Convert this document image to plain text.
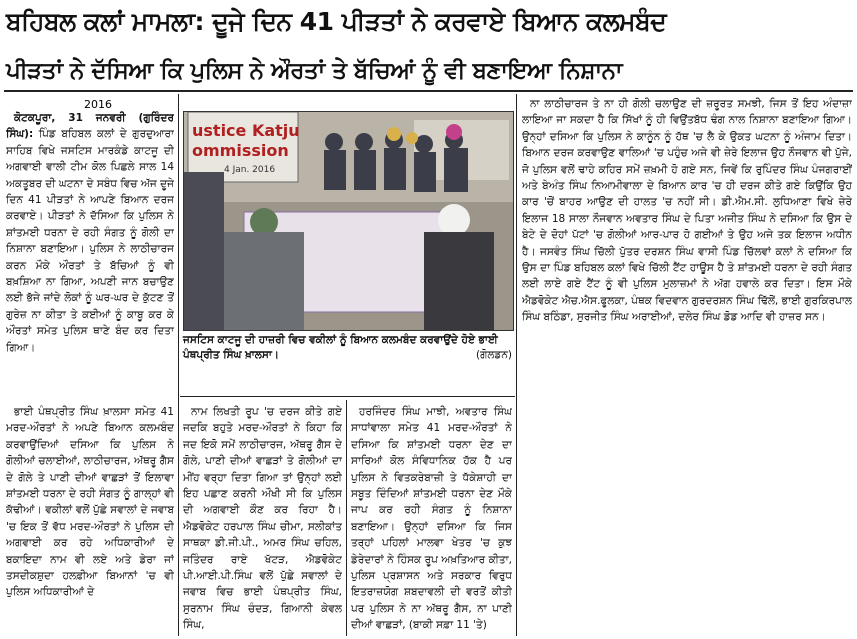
ਬਹਿਬਲ ਕਲਾਂ ਮਾਮਲਾ: ਦੂਜੇ ਦਿਨ 41 ਪੀੜਤਾਂ ਨੇ ਕਰਵਾਏ ਬਿਆਨ ਕਲਮਬੰਦ
ਪੀੜਤਾਂ ਨੇ ਦੱਸਿਆ ਕਿ ਪੁਲਿਸ ਨੇ ਔਰਤਾਂ ਤੇ ਬੱਚਿਆਂ ਨੂੰ ਵੀ ਬਣਾਇਆ ਨਿਸ਼ਾਨਾ
2016

ਕੋਟਕਪੂਰਾ, 31 ਜਨਵਰੀ (ਗੁਰਿੰਦਰ ਸਿੰਘ): ਪਿੰਡ ਬਹਿਬਲ ਕਲਾਂ ਦੇ ਗੁਰਦੁਆਰਾ ਸਾਹਿਬ ਵਿਖੇ ਜਸਟਿਸ ਮਾਰਕੰਡੇ ਕਾਟਜੂ ਦੀ ਅਗਵਾਈ ਵਾਲੀ ਟੀਮ ਕੋਲ ਪਿਛਲੇ ਸਾਲ 14 ਅਕਤੂਬਰ ਦੀ ਘਟਨਾ ਦੇ ਸਬੰਧ ਵਿਚ ਅੱਜ ਦੂਜੇ ਦਿਨ 41 ਪੀੜਤਾਂ ਨੇ ਆਪਣੇ ਬਿਆਨ ਦਰਜ ਕਰਵਾਏ। ਪੀੜਤਾਂ ਨੇ ਦੱਸਿਆ ਕਿ ਪੁਲਿਸ ਨੇ ਸ਼ਾਂਤਮਈ ਧਰਨਾ ਦੇ ਰਹੀ ਸੰਗਤ ਨੂੰ ਗੋਲੀ ਦਾ ਨਿਸ਼ਾਨਾ ਬਣਾਇਆ। ਪੁਲਿਸ ਨੇ ਲਾਠੀਚਾਰਜ ਕਰਨ ਮੌਕੇ ਔਰਤਾਂ ਤੇ ਬੱਚਿਆਂ ਨੂੰ ਵੀ ਬਖ਼ਸ਼ਿਆ ਨਾ ਗਿਆ, ਅਪਣੀ ਜਾਨ ਬਚਾਉਣ ਲਈ ਭੱਜੇ ਜਾਂਦੇ ਲੋਕਾਂ ਨੂੰ ਘਰ-ਘਰ ਦੇ ਕੁੱਟਣ ਤੋਂ ਗੁਰੇਜ਼ ਨਾ ਕੀਤਾ ਤੇ ਕਈਆਂ ਨੂੰ ਕਾਬੂ ਕਰ ਕੇ ਔਰਤਾਂ ਸਮੇਤ ਪੁਲਿਸ ਥਾਣੇ ਬੰਦ ਕਰ ਦਿਤਾ ਗਿਆ।

ਭਾਈ ਪੰਥਪ੍ਰੀਤ ਸਿੰਘ ਖ਼ਾਲਸਾ ਸਮੇਤ 41 ਮਰਦ-ਔਰਤਾਂ ਨੇ ਅਪਣੇ ਬਿਆਨ ਕਲਮਬੰਦ ਕਰਵਾਉਂਦਿਆਂ ਦਸਿਆ ਕਿ ਪੁਲਿਸ ਨੇ ਗੋਲੀਆਂ ਚਲਾਈਆਂ, ਲਾਠੀਚਾਰਜ, ਅੱਥਰੂ ਗੈਸ ਦੇ ਗੋਲੇ ਤੇ ਪਾਣੀ ਦੀਆਂ ਵਾਛੜਾਂ ਤੋਂ ਇਲਾਵਾ ਸ਼ਾਂਤਮਈ ਧਰਨਾ ਦੇ ਰਹੀ ਸੰਗਤ ਨੂੰ ਗਾਲ੍ਹਾਂ ਵੀ ਕੱਢੀਆਂ। ਵਕੀਲਾਂ ਵਲੋਂ ਪੁੱਛੇ ਸਵਾਲਾਂ ਦੇ ਜਵਾਬ 'ਚ ਇਕ ਤੋਂ ਵੱਧ ਮਰਦ-ਔਰਤਾਂ ਨੇ ਪੁਲਿਸ ਦੀ ਅਗਵਾਈ ਕਰ ਰਹੇ ਅਧਿਕਾਰੀਆਂ ਦੇ ਬਕਾਇਦਾ ਨਾਮ ਵੀ ਲਏ ਅਤੇ ਡੇਰਾ ਜਾਂ ਤਸਦੀਕਸ਼ੁਦਾ ਹਲਫ਼ੀਆ ਬਿਆਨਾਂ 'ਚ ਵੀ ਪੁਲਿਸ ਅਧਿਕਾਰੀਆਂ ਦੇ

ustice Katju
ommission
4 Jan. 2016
ਜਸਟਿਸ ਕਾਟਜੂ ਦੀ ਹਾਜ਼ਰੀ ਵਿਚ ਵਕੀਲਾਂ ਨੂੰ ਬਿਆਨ ਕਲਮਬੰਦ ਕਰਵਾਉਂਦੇ ਹੋਏ ਭਾਈ ਪੰਥਪ੍ਰੀਤ ਸਿੰਘ ਖ਼ਾਲਸਾ।	(ਗੋਲਡਨ)

ਨਾਮ ਲਿਖਤੀ ਰੂਪ 'ਚ ਦਰਜ ਕੀਤੇ ਗਏ ਜਦਕਿ ਬਹੁਤੇ ਮਰਦ-ਔਰਤਾਂ ਨੇ ਕਿਹਾ ਕਿ ਜਦ ਇਕੋ ਸਮੇਂ ਲਾਠੀਚਾਰਜ, ਅੱਥਰੂ ਗੈਸ ਦੇ ਗੋਲੇ, ਪਾਣੀ ਦੀਆਂ ਵਾਛੜਾਂ ਤੇ ਗੋਲੀਆਂ ਦਾ ਮੀਂਹ ਵਰ੍ਹਾ ਦਿਤਾ ਗਿਆ ਤਾਂ ਉਨ੍ਹਾਂ ਲਈ ਇਹ ਪਛਾਣ ਕਰਨੀ ਔਖੀ ਸੀ ਕਿ ਪੁਲਿਸ ਦੀ ਅਗਵਾਈ ਕੌਣ ਕਰ ਰਿਹਾ ਹੈ। ਐਡਵੋਕੇਟ ਹਰਪਾਲ ਸਿੰਘ ਚੀਮਾ, ਸਲੀਕਾਂਤ ਸਾਥਕਾ ਡੀ.ਜੀ.ਪੀ., ਅਮਰ ਸਿੰਘ ਚਹਿਲ, ਜਤਿੰਦਰ ਰਾਏ ਖੱਟੜ, ਐਡਵੋਕੇਟ ਪੀ.ਆਈ.ਪੀ.ਸਿੰਘ ਵਲੋਂ ਪੁੱਛੇ ਸਵਾਲਾਂ ਦੇ ਜਵਾਬ ਵਿਚ ਭਾਈ ਪੰਥਪ੍ਰੀਤ ਸਿੰਘ, ਸੁਰਨਾਮ ਸਿੰਘ ਚੰਦੜ, ਗਿਆਨੀ ਕੇਵਲ ਸਿੰਘ,

ਹਰਜਿੰਦਰ ਸਿੰਘ ਮਾਝੀ, ਅਵਤਾਰ ਸਿੰਘ ਸਾਧਾਂਵਾਲਾ ਸਮੇਤ 41 ਮਰਦ-ਔਰਤਾਂ ਨੇ ਦਸਿਆ ਕਿ ਸ਼ਾਂਤਮਈ ਧਰਨਾ ਦੇਣ ਦਾ ਸਾਰਿਆਂ ਕੋਲ ਸੰਵਿਧਾਨਿਕ ਹੱਕ ਹੈ ਪਰ ਪੁਲਿਸ ਨੇ ਵਿਤਕਰੇਬਾਜ਼ੀ ਤੇ ਧੱਕੇਸ਼ਾਹੀ ਦਾ ਸਬੂਤ ਦਿੰਦਿਆਂ ਸ਼ਾਂਤਮਈ ਧਰਨਾ ਦੇਣ ਮੌਕੇ ਜਾਪ ਕਰ ਰਹੀ ਸੰਗਤ ਨੂੰ ਨਿਸ਼ਾਨਾ ਬਣਾਇਆ। ਉਨ੍ਹਾਂ ਦਸਿਆ ਕਿ ਜਿਸ ਤਰ੍ਹਾਂ ਪਹਿਲਾਂ ਮਾਲਵਾ ਖੇਤਰ 'ਚ ਕੁਝ ਡੇਰੇਦਾਰਾਂ ਨੇ ਹਿੰਸਕ ਰੂਪ ਅਖ਼ਤਿਆਰ ਕੀਤਾ, ਪੁਲਿਸ ਪ੍ਰਸ਼ਾਸਨ ਅਤੇ ਸਰਕਾਰ ਵਿਰੁਧ ਇਤਰਾਜ਼ਯੋਗ ਸ਼ਬਦਾਵਲੀ ਦੀ ਵਰਤੋਂ ਕੀਤੀ ਪਰ ਪੁਲਿਸ ਨੇ ਨਾ ਅੱਥਰੂ ਗੈਸ, ਨਾ ਪਾਣੀ ਦੀਆਂ ਵਾਛੜਾਂ, (ਬਾਕੀ ਸਫ਼ਾ 11 'ਤੇ)

ਨਾ ਲਾਠੀਚਾਰਜ ਤੇ ਨਾ ਹੀ ਗੋਲੀ ਚਲਾਉਣ ਦੀ ਜ਼ਰੂਰਤ ਸਮਝੀ, ਜਿਸ ਤੋਂ ਇਹ ਅੰਦਾਜ਼ਾ ਲਾਇਆ ਜਾ ਸਕਦਾ ਹੈ ਕਿ ਸਿੱਖਾਂ ਨੂੰ ਹੀ ਵਿਉਂਤਬੱਧ ਢੰਗ ਨਾਲ ਨਿਸ਼ਾਨਾ ਬਣਾਇਆ ਗਿਆ। ਉਨ੍ਹਾਂ ਦਸਿਆ ਕਿ ਪੁਲਿਸ ਨੇ ਕਾਨੂੰਨ ਨੂੰ ਹੱਥ 'ਚ ਲੈ ਕੇ ਉਕਤ ਘਟਨਾ ਨੂੰ ਅੰਜਾਮ ਦਿਤਾ। ਬਿਆਨ ਦਰਜ ਕਰਵਾਉਣ ਵਾਲਿਆਂ 'ਚ ਪਹੁੰਚ ਅਜੇ ਵੀ ਜ਼ੇਰੇ ਇਲਾਜ ਉਹ ਨੌਜਵਾਨ ਵੀ ਪੁੱਜੇ, ਜੋ ਪੁਲਿਸ ਵਲੋਂ ਢਾਹੇ ਕਹਿਰ ਸਮੇਂ ਜ਼ਖ਼ਮੀ ਹੋ ਗਏ ਸਨ, ਜਿਵੇਂ ਕਿ ਰੁਪਿੰਦਰ ਸਿੰਘ ਪੰਜਗਰਾਈਂ ਅਤੇ ਬੇਅੰਤ ਸਿੰਘ ਨਿਆਮੀਵਾਲਾ ਦੇ ਬਿਆਨ ਕਾਰ 'ਚ ਹੀ ਦਰਜ ਕੀਤੇ ਗਏ ਕਿਉਂਕਿ ਉਹ ਕਾਰ 'ਚੋਂ ਬਾਹਰ ਆਉਣ ਦੀ ਹਾਲਤ 'ਚ ਨਹੀਂ ਸੀ। ਡੀ.ਐਮ.ਸੀ. ਲੁਧਿਆਣਾ ਵਿਖੇ ਜ਼ੇਰੇ ਇਲਾਜ 18 ਸਾਲਾ ਨੌਜਵਾਨ ਅਵਤਾਰ ਸਿੰਘ ਦੇ ਪਿਤਾ ਅਜੀਤ ਸਿੰਘ ਨੇ ਦਸਿਆ ਕਿ ਉਸ ਦੇ ਬੇਟੇ ਦੇ ਦੋਹਾਂ ਪੱਟਾਂ 'ਚ ਗੋਲੀਆਂ ਆਰ-ਪਾਰ ਹੋ ਗਈਆਂ ਤੇ ਉਹ ਅਜੇ ਤਕ ਇਲਾਜ ਅਧੀਨ ਹੈ। ਜਸਵੰਤ ਸਿੰਘ ਚਿੱਲੀ ਪੁੱਤਰ ਦਰਸ਼ਨ ਸਿੰਘ ਵਾਸੀ ਪਿੰਡ ਚਿੱਲਵਾਂ ਕਲਾਂ ਨੇ ਦਸਿਆ ਕਿ ਉਸ ਦਾ ਪਿੰਡ ਬਹਿਬਲ ਕਲਾਂ ਵਿਖੇ ਚਿੱਲੀ ਟੈਂਟ ਹਾਊਸ ਹੈ ਤੇ ਸ਼ਾਂਤਮਈ ਧਰਨਾ ਦੇ ਰਹੀ ਸੰਗਤ ਲਈ ਲਾਏ ਗਏ ਟੈਂਟ ਨੂੰ ਵੀ ਪੁਲਿਸ ਮੁਲਾਜ਼ਮਾਂ ਨੇ ਅੱਗ ਹਵਾਲੇ ਕਰ ਦਿਤਾ। ਇਸ ਮੌਕੇ ਐਡਵੋਕੇਟ ਐਚ.ਐਸ.ਫੂਲਕਾ, ਪੰਥਕ ਵਿਦਵਾਨ ਗੁਰਦਰਸ਼ਨ ਸਿੰਘ ਢਿੱਲੋਂ, ਭਾਈ ਗੁਰਕਿਰਪਾਲ ਸਿੰਘ ਬਠਿੰਡਾ, ਸੁਰਜੀਤ ਸਿੰਘ ਅਰਾਈਆਂ, ਦਲੇਰ ਸਿੰਘ ਡੋਡ ਆਦਿ ਵੀ ਹਾਜ਼ਰ ਸਨ।
